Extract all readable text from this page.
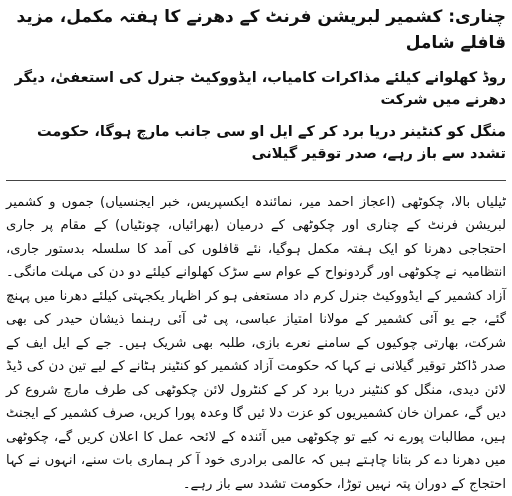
چناری: کشمیر لبریشن فرنٹ کے دھرنے کا ہفتہ مکمل، مزید قافلے شامل
روڈ کھلوانے کیلئے مذاکرات کامیاب، ایڈووکیٹ جنرل کی استعفیٰ، دیگر دھرنے میں شرکت
منگل کو کنٹینر دریا برد کر کے ایل او سی جانب مارچ ہوگا، حکومت تشدد سے باز رہے، صدر توقیر گیلانی

ٹیلیاں بالا، چکوٹھی (اعجاز احمد میر، نمائندہ ایکسپریس، خبر ایجنسیاں) جموں و کشمیر لبریشن فرنٹ کے چناری اور چکوٹھی کے درمیان (بھرائیاں، چونٹیاں) کے مقام پر جاری احتجاجی دھرنا کو ایک ہفتہ مکمل ہوگیا، نئے قافلوں کی آمد کا سلسلہ بدستور جاری، انتظامیہ نے چکوٹھی اور گردونواح کے عوام سے سڑک کھلوانے کیلئے دو دن کی مہلت مانگی۔ آزاد کشمیر کے ایڈووکیٹ جنرل کرم داد مستعفی ہو کر اظہار یکجہتی کیلئے دھرنا میں پہنچ گئے، جے یو آئی کشمیر کے مولانا امتیاز عباسی، پی ٹی آئی رہنما ذیشان حیدر کی بھی شرکت، بھارتی چوکیوں کے سامنے نعرے بازی، طلبہ بھی شریک ہیں۔ جے کے ایل ایف کے صدر ڈاکٹر توقیر گیلانی نے کہا کہ حکومت آزاد کشمیر کو کنٹینر ہٹانے کے لیے تین دن کی ڈیڈ لائن دیدی، منگل کو کنٹینر دریا برد کر کے کنٹرول لائن چکوٹھی کی طرف مارچ شروع کر دیں گے، عمران خان کشمیریوں کو عزت دلا ئیں گا وعدہ پورا کریں، صرف کشمیر کے ایجنٹ ہیں، مطالبات پورے نہ کیے تو چکوٹھی میں آئندہ کے لائحہ عمل کا اعلان کریں گے، چکوٹھی میں دھرنا دے کر بتانا چاہتے ہیں کہ عالمی برادری خود آ کر ہماری بات سنے، انہوں نے کہا احتجاج کے دوران پتہ نہیں توڑا، حکومت تشدد سے باز رہے۔
